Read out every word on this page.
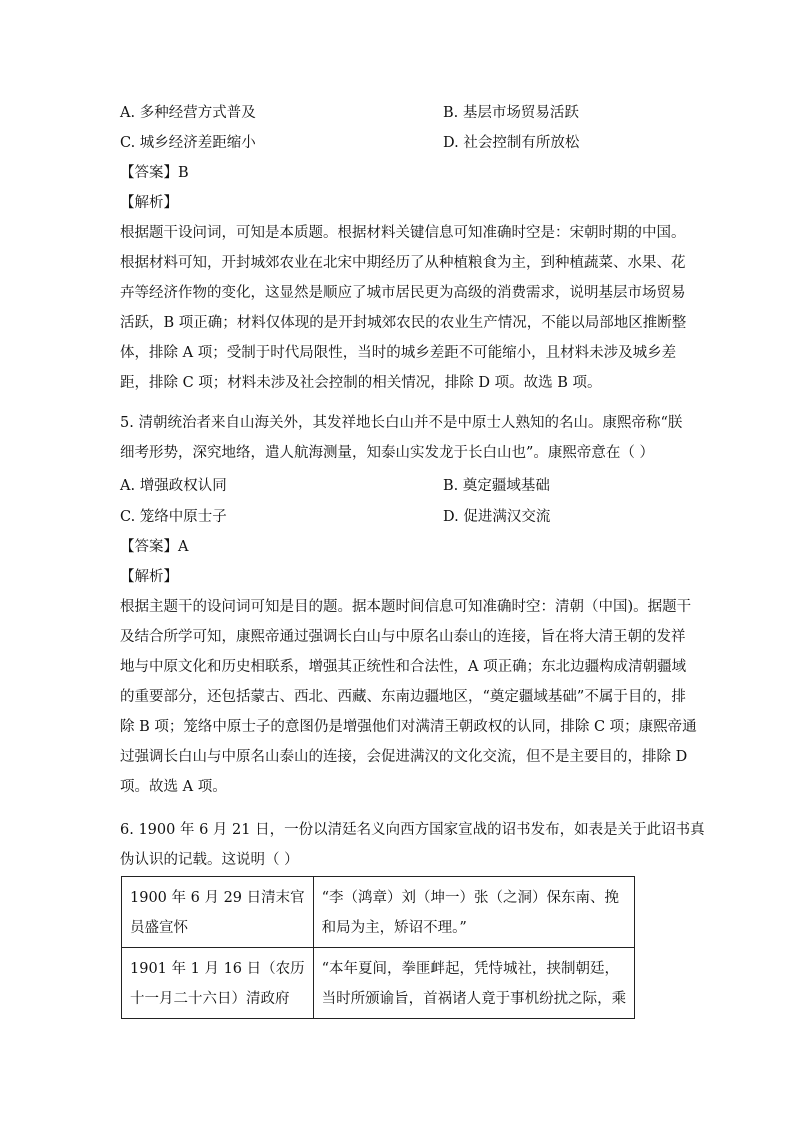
A. 多种经营方式普及	B. 基层市场贸易活跃
C. 城乡经济差距缩小	D. 社会控制有所放松
【答案】B
【解析】
根据题干设问词，可知是本质题。根据材料关键信息可知准确时空是：宋朝时期的中国。
根据材料可知，开封城郊农业在北宋中期经历了从种植粮食为主，到种植蔬菜、水果、花
卉等经济作物的变化，这显然是顺应了城市居民更为高级的消费需求，说明基层市场贸易
活跃，B 项正确；材料仅体现的是开封城郊农民的农业生产情况，不能以局部地区推断整
体，排除 A 项；受制于时代局限性，当时的城乡差距不可能缩小，且材料未涉及城乡差
距，排除 C 项；材料未涉及社会控制的相关情况，排除 D 项。故选 B 项。
5. 清朝统治者来自山海关外，其发祥地长白山并不是中原士人熟知的名山。康熙帝称“朕
细考形势，深究地络，遣人航海测量，知泰山实发龙于长白山也”。康熙帝意在（ ）
A. 增强政权认同	B. 奠定疆域基础
C. 笼络中原士子	D. 促进满汉交流
【答案】A
【解析】
根据主题干的设问词可知是目的题。据本题时间信息可知准确时空：清朝（中国)。据题干
及结合所学可知，康熙帝通过强调长白山与中原名山泰山的连接，旨在将大清王朝的发祥
地与中原文化和历史相联系，增强其正统性和合法性，A 项正确；东北边疆构成清朝疆域
的重要部分，还包括蒙古、西北、西藏、东南边疆地区，“奠定疆域基础”不属于目的，排
除 B 项；笼络中原士子的意图仍是增强他们对满清王朝政权的认同，排除 C 项；康熙帝通
过强调长白山与中原名山泰山的连接，会促进满汉的文化交流，但不是主要目的，排除 D
项。故选 A 项。
6. 1900 年 6 月 21 日，一份以清廷名义向西方国家宣战的诏书发布，如表是关于此诏书真
伪认识的记载。这说明（ ）
1900 年 6 月 29 日清末官
员盛宣怀	“李（鸿章）刘（坤一）张（之洞）保东南、挽
和局为主，矫诏不理。”

1901 年 1 月 16 日（农历
十一月二十六日）清政府	“本年夏间，拳匪衅起，凭恃城社，挟制朝廷，
当时所颁谕旨，首祸诸人竟于事机纷扰之际，乘
